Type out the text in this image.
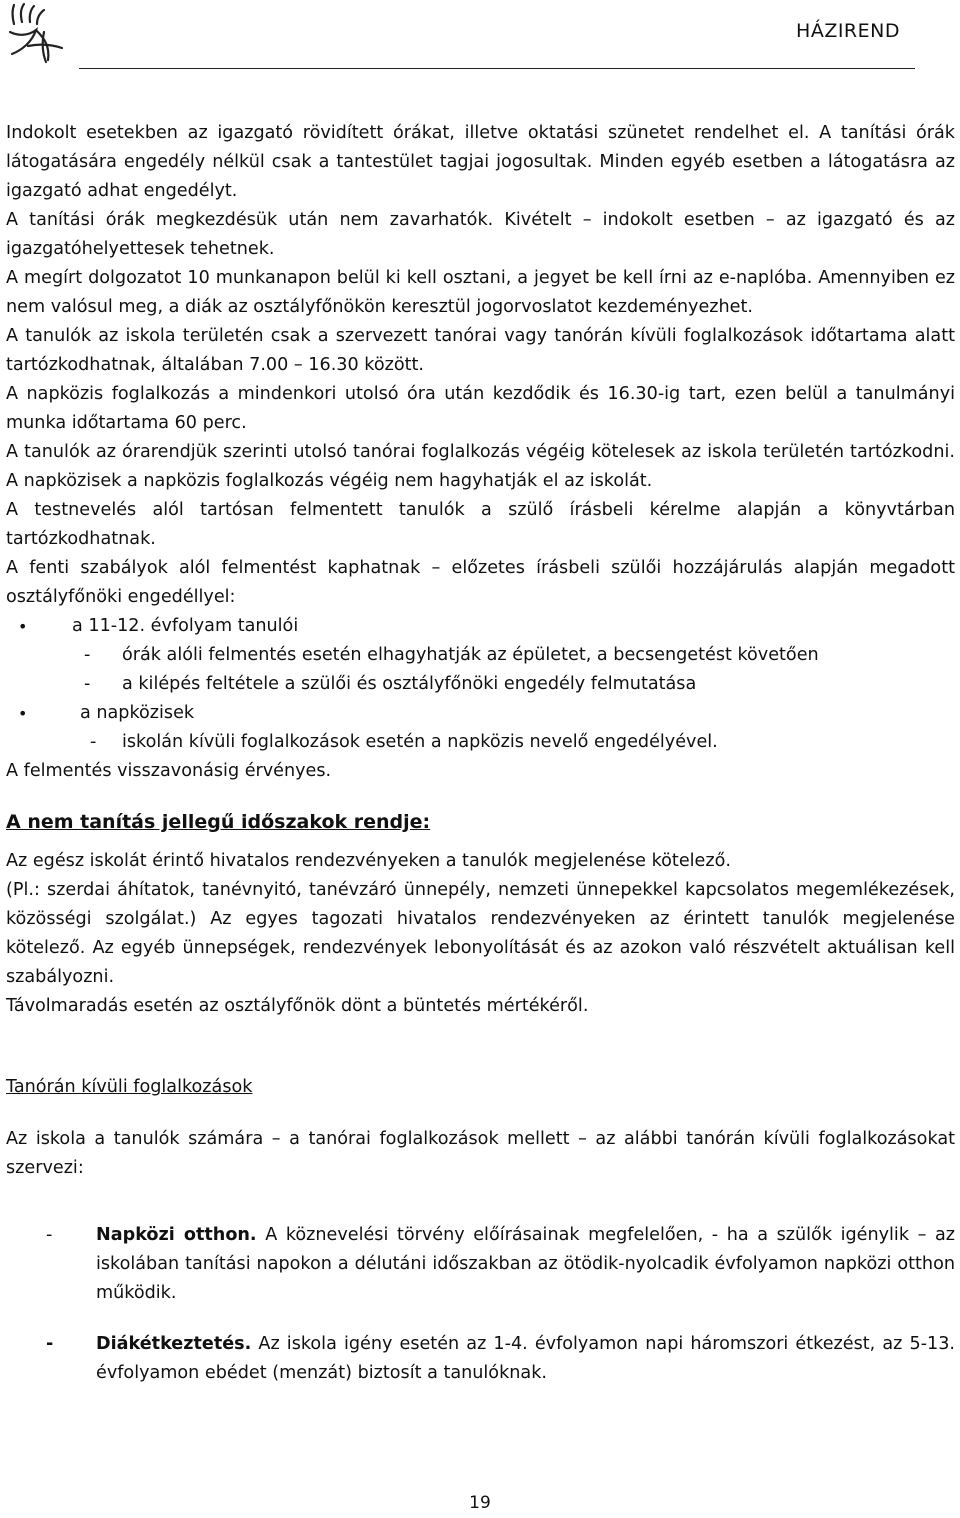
HÁZIREND

Indokolt esetekben az igazgató rövidített órákat, illetve oktatási szünetet rendelhet el. A tanítási órák látogatására engedély nélkül csak a tantestület tagjai jogosultak. Minden egyéb esetben a látogatásra az igazgató adhat engedélyt.

A tanítási órák megkezdésük után nem zavarhatók. Kivételt – indokolt esetben – az igazgató és az igazgatóhelyettesek tehetnek.

A megírt dolgozatot 10 munkanapon belül ki kell osztani, a jegyet be kell írni az e-naplóba. Amennyiben ez nem valósul meg, a diák az osztályfőnökön keresztül jogorvoslatot kezdeményezhet.

A tanulók az iskola területén csak a szervezett tanórai vagy tanórán kívüli foglalkozások időtartama alatt tartózkodhatnak, általában 7.00 – 16.30 között.

A napközis foglalkozás a mindenkori utolsó óra után kezdődik és 16.30-ig tart, ezen belül a tanulmányi munka időtartama 60 perc.

A tanulók az órarendjük szerinti utolsó tanórai foglalkozás végéig kötelesek az iskola területén tartózkodni. A napközisek a napközis foglalkozás végéig nem hagyhatják el az iskolát.

A testnevelés alól tartósan felmentett tanulók a szülő írásbeli kérelme alapján a könyvtárban tartózkodhatnak.

A fenti szabályok alól felmentést kaphatnak – előzetes írásbeli szülői hozzájárulás alapján megadott osztályfőnöki engedéllyel:

•	a 11-12. évfolyam tanulói
- órák alóli felmentés esetén elhagyhatják az épületet, a becsengetést követően
- a kilépés feltétele a szülői és osztályfőnöki engedély felmutatása
•	a napközisek
- iskolán kívüli foglalkozások esetén a napközis nevelő engedélyével.

A felmentés visszavonásig érvényes.

A nem tanítás jellegű időszakok rendje:

Az egész iskolát érintő hivatalos rendezvényeken a tanulók megjelenése kötelező.

(Pl.: szerdai áhítatok, tanévnyitó, tanévzáró ünnepély, nemzeti ünnepekkel kapcsolatos megemlékezések, közösségi szolgálat.) Az egyes tagozati hivatalos rendezvényeken az érintett tanulók megjelenése kötelező. Az egyéb ünnepségek, rendezvények lebonyolítását és az azokon való részvételt aktuálisan kell szabályozni.

Távolmaradás esetén az osztályfőnök dönt a büntetés mértékéről.

Tanórán kívüli foglalkozások

Az iskola a tanulók számára – a tanórai foglalkozások mellett – az alábbi tanórán kívüli foglalkozásokat szervezi:

- Napközi otthon. A köznevelési törvény előírásainak megfelelően, - ha a szülők igénylik – az iskolában tanítási napokon a délutáni időszakban az ötödik-nyolcadik évfolyamon napközi otthon működik.

- Diákétkeztetés. Az iskola igény esetén az 1-4. évfolyamon napi háromszori étkezést, az 5-13. évfolyamon ebédet (menzát) biztosít a tanulóknak.

19
